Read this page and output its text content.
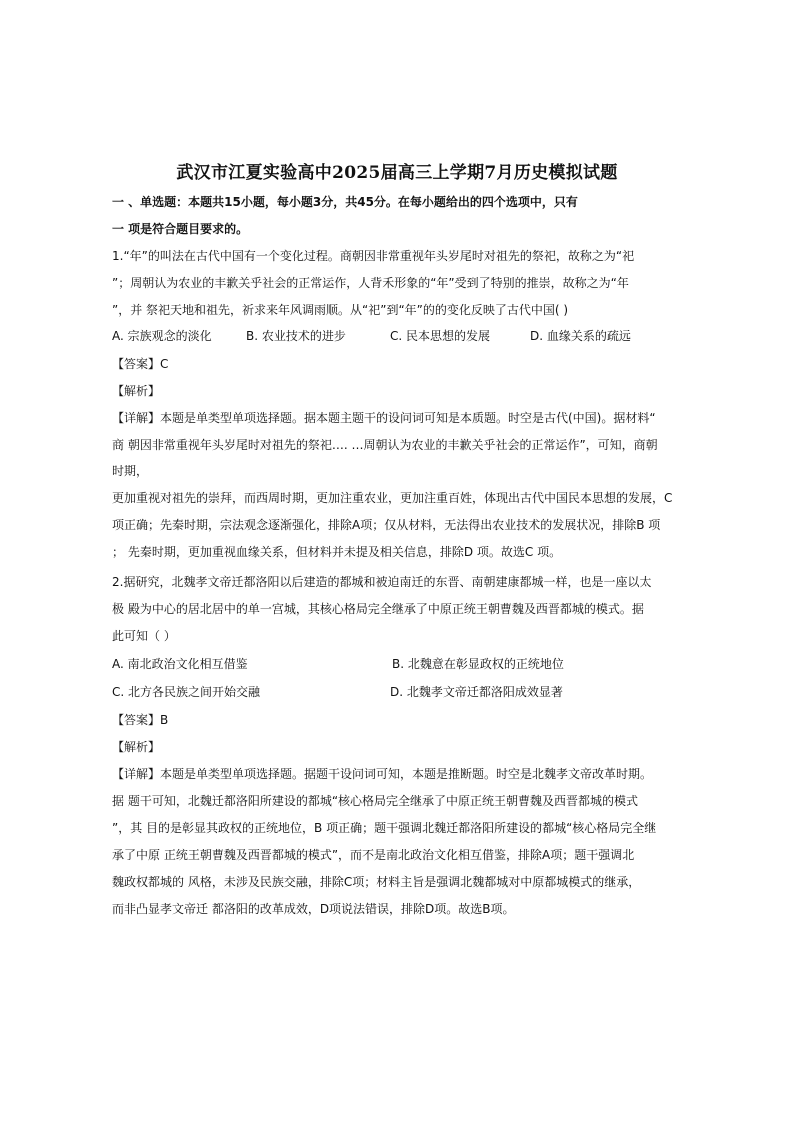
武汉市江夏实验高中2025届高三上学期7月历史模拟试题
一 、单选题：本题共15小题，每小题3分，共45分。在每小题给出的四个选项中，只有
一 项是符合题目要求的。
1.“年”的叫法在古代中国有一个变化过程。商朝因非常重视年头岁尾时对祖先的祭祀，故称之为“祀
”；周朝认为农业的丰歉关乎社会的正常运作，人背禾形象的“年”受到了特别的推崇，故称之为“年
”，并 祭祀天地和祖先，祈求来年风调雨顺。从“祀”到“年”的的变化反映了古代中国( )
A. 宗族观念的淡化	B. 农业技术的进步	C. 民本思想的发展	D. 血缘关系的疏远
【答案】C
【解析】
【详解】本题是单类型单项选择题。据本题主题干的设问词可知是本质题。时空是古代(中国)。据材料“
商 朝因非常重视年头岁尾时对祖先的祭祀…. …周朝认为农业的丰歉关乎社会的正常运作”，可知，商朝
时期，
更加重视对祖先的崇拜，而西周时期，更加注重农业，更加注重百姓，体现出古代中国民本思想的发展，C
项正确；先秦时期，宗法观念逐渐强化，排除A项；仅从材料，无法得出农业技术的发展状况，排除B 项
； 先秦时期，更加重视血缘关系，但材料并未提及相关信息，排除D 项。故选C 项。
2.据研究，北魏孝文帝迁都洛阳以后建造的都城和被迫南迁的东晋、南朝建康都城一样，也是一座以太
极 殿为中心的居北居中的单一宫城，其核心格局完全继承了中原正统王朝曹魏及西晋都城的模式。据
此可知（ ）
A. 南北政治文化相互借鉴	B. 北魏意在彰显政权的正统地位
C. 北方各民族之间开始交融	D. 北魏孝文帝迁都洛阳成效显著
【答案】B
【解析】
【详解】本题是单类型单项选择题。据题干设问词可知，本题是推断题。时空是北魏孝文帝改革时期。
据 题干可知，北魏迁都洛阳所建设的都城“核心格局完全继承了中原正统王朝曹魏及西晋都城的模式
”，其 目的是彰显其政权的正统地位，B 项正确；题干强调北魏迁都洛阳所建设的都城“核心格局完全继
承了中原 正统王朝曹魏及西晋都城的模式”，而不是南北政治文化相互借鉴，排除A项；题干强调北
魏政权都城的 风格，未涉及民族交融，排除C项；材料主旨是强调北魏都城对中原都城模式的继承，
而非凸显孝文帝迁 都洛阳的改革成效，D项说法错误，排除D项。故选B项。
